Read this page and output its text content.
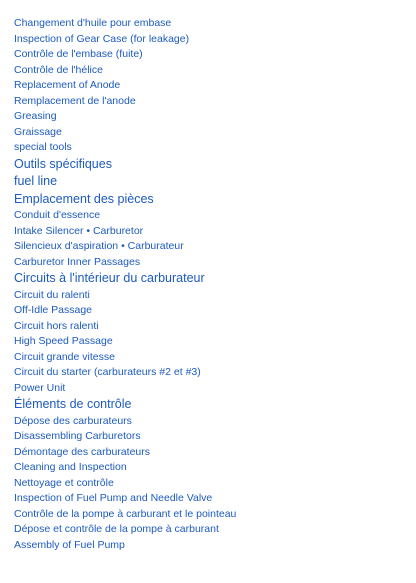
Changement d'huile pour embase
Inspection of Gear Case (for leakage)
Contrôle de l'embase (fuite)
Contrôle de l'hélice
Replacement of Anode
Remplacement de l'anode
Greasing
Graissage
special tools
Outils spécifiques
fuel line
Emplacement des pièces
Conduit d'essence
Intake Silencer • Carburetor
Silencieux d'aspiration • Carburateur
Carburetor Inner Passages
Circuits à l'intérieur du carburateur
Circuit du ralenti
Off-Idle Passage
Circuit hors ralenti
High Speed Passage
Circuit grande vitesse
Circuit du starter (carburateurs #2 et #3)
Power Unit
Éléments de contrôle
Dépose des carburateurs
Disassembling Carburetors
Démontage des carburateurs
Cleaning and Inspection
Nettoyage et contrôle
Inspection of Fuel Pump and Needle Valve
Contrôle de la pompe à carburant et le pointeau
Dépose et contrôle de la pompe à carburant
Assembly of Fuel Pump
